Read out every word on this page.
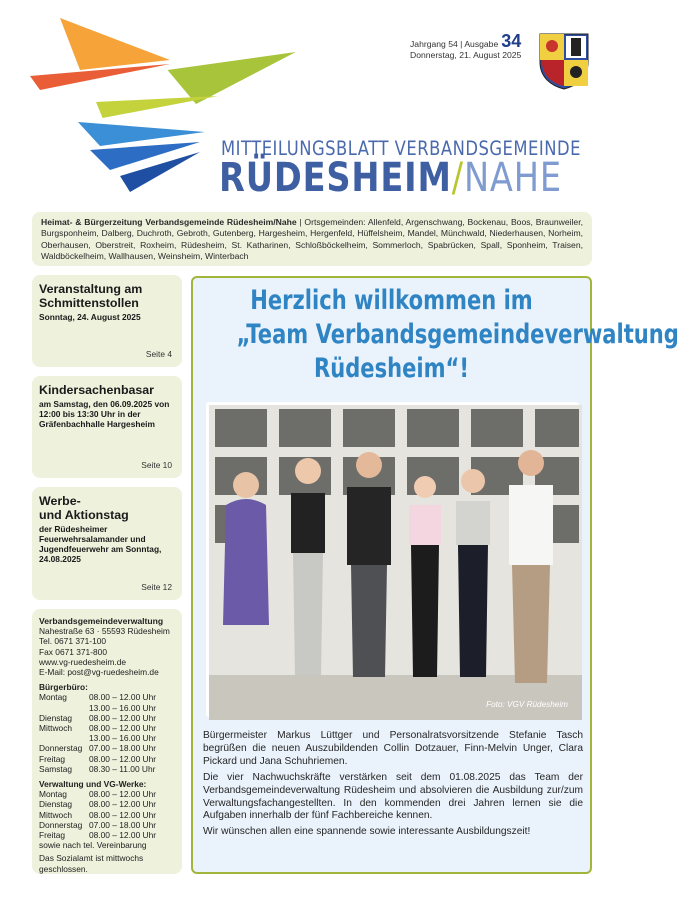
Jahrgang 54 | Ausgabe 34
Donnerstag, 21. August 2025
MITTEILUNGSBLATT VERBANDSGEMEINDE
RÜDESHEIM/NAHE
Heimat- & Bürgerzeitung Verbandsgemeinde Rüdesheim/Nahe | Ortsgemeinden: Allenfeld, Argenschwang, Bockenau, Boos, Braunweiler, Burgsponheim, Dalberg, Duchroth, Gebroth, Gutenberg, Hargesheim, Hergenfeld, Hüffelsheim, Mandel, Münchwald, Niederhausen, Norheim, Oberhausen, Oberstreit, Roxheim, Rüdesheim, St. Katharinen, Schloßböckelheim, Sommerloch, Spabrücken, Spall, Sponheim, Traisen, Waldböckelheim, Wallhausen, Weinsheim, Winterbach
Veranstaltung am Schmittenstollen
Sonntag, 24. August 2025
Seite 4
Kindersachenbasar
am Samstag, den 06.09.2025 von 12:00 bis 13:30 Uhr in der Gräfenbachhalle Hargesheim
Seite 10
Werbe-
und Aktionstag
der Rüdesheimer Feuerwehrsalamander und Jugendfeuerwehr am Sonntag, 24.08.2025
Seite 12
Verbandsgemeindeverwaltung
Nahestraße 63 · 55593 Rüdesheim
Tel. 0671 371-100
Fax 0671 371-800
www.vg-ruedesheim.de
E-Mail: post@vg-ruedesheim.de
Bürgerbüro:
Montag	08.00 – 12.00 Uhr
13.00 – 16.00 Uhr
Dienstag	08.00 – 12.00 Uhr
Mittwoch	08.00 – 12.00 Uhr
13.00 – 16.00 Uhr
Donnerstag 07.00 – 18.00 Uhr
Freitag	08.00 – 12.00 Uhr
Samstag	08.30 – 11.00 Uhr
Verwaltung und VG-Werke:
Montag	08.00 – 12.00 Uhr
Dienstag	08.00 – 12.00 Uhr
Mittwoch	08.00 – 12.00 Uhr
Donnerstag 07.00 – 18.00 Uhr
Freitag	08.00 – 12.00 Uhr
sowie nach tel. Vereinbarung
Das Sozialamt ist mittwochs geschlossen.
Herzlich willkommen im
„Team Verbandsgemeindeverwaltung
Rüdesheim“!
Foto: VGV Rüdesheim

Bürgermeister Markus Lüttger und Personalratsvorsitzende Stefanie Tasch begrüßen die neuen Auszubildenden Collin Dotzauer, Finn-Melvin Unger, Clara Pickard und Jana Schuhriemen.

Die vier Nachwuchskräfte verstärken seit dem 01.08.2025 das Team der Verbandsgemeindeverwaltung Rüdesheim und absolvieren die Ausbildung zur/zum Verwaltungsfachangestellten. In den kommenden drei Jahren lernen sie die Aufgaben innerhalb der fünf Fachbereiche kennen.

Wir wünschen allen eine spannende sowie interessante Ausbildungszeit!
